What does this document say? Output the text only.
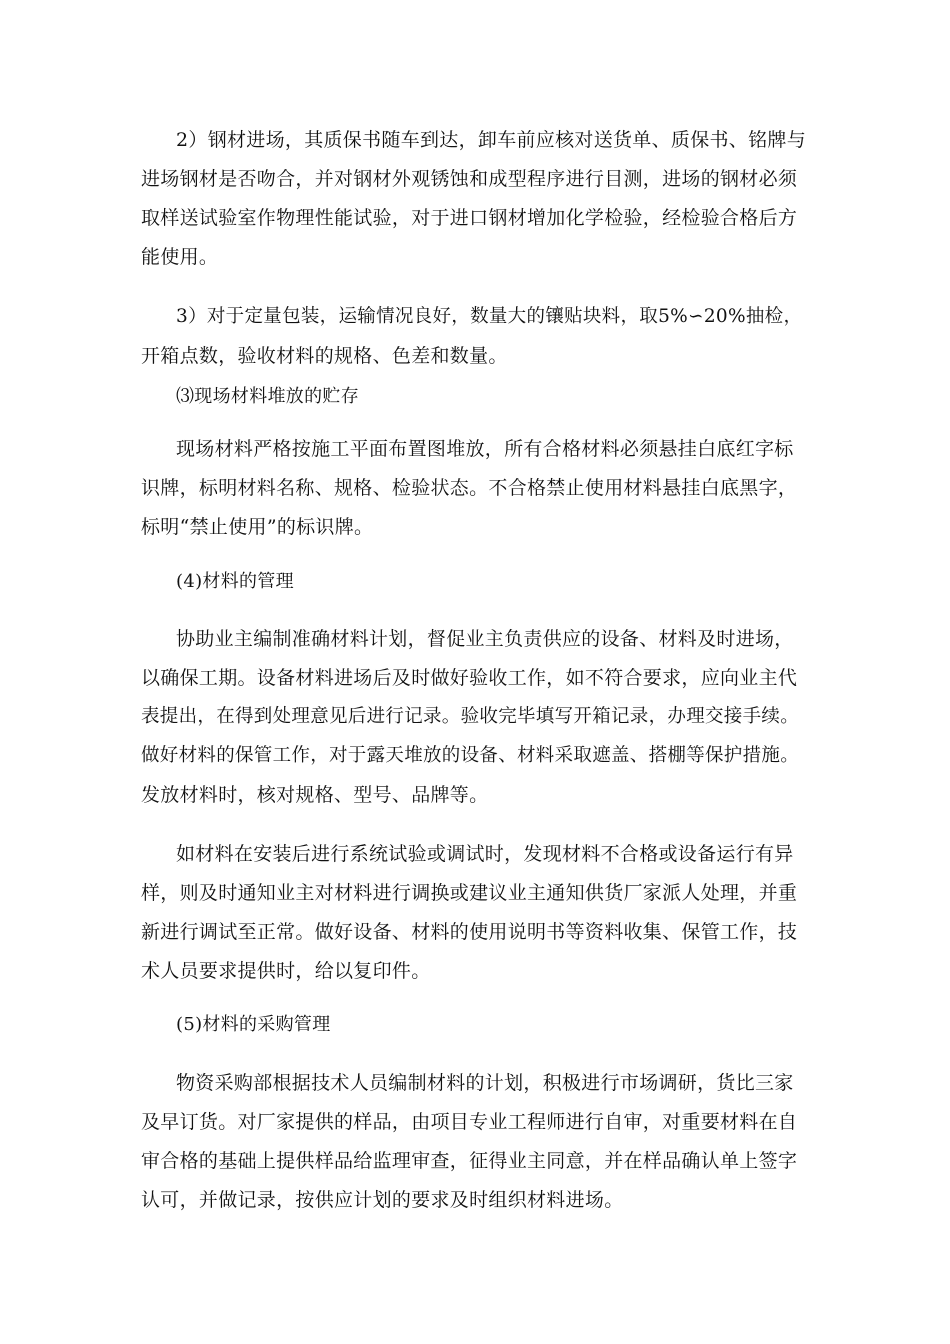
2）钢材进场，其质保书随车到达，卸车前应核对送货单、质保书、铭牌与
进场钢材是否吻合，并对钢材外观锈蚀和成型程序进行目测，进场的钢材必须
取样送试验室作物理性能试验，对于进口钢材增加化学检验，经检验合格后方
能使用。
3）对于定量包装，运输情况良好，数量大的镶贴块料，取5%∽20%抽检，
开箱点数，验收材料的规格、色差和数量。
⑶现场材料堆放的贮存
现场材料严格按施工平面布置图堆放，所有合格材料必须悬挂白底红字标
识牌，标明材料名称、规格、检验状态。不合格禁止使用材料悬挂白底黑字，
标明“禁止使用”的标识牌。
(4)材料的管理
协助业主编制准确材料计划，督促业主负责供应的设备、材料及时进场，
以确保工期。设备材料进场后及时做好验收工作，如不符合要求，应向业主代
表提出，在得到处理意见后进行记录。验收完毕填写开箱记录，办理交接手续。
做好材料的保管工作，对于露天堆放的设备、材料采取遮盖、搭棚等保护措施。
发放材料时，核对规格、型号、品牌等。
如材料在安装后进行系统试验或调试时，发现材料不合格或设备运行有异
样，则及时通知业主对材料进行调换或建议业主通知供货厂家派人处理，并重
新进行调试至正常。做好设备、材料的使用说明书等资料收集、保管工作，技
术人员要求提供时，给以复印件。
(5)材料的采购管理
物资采购部根据技术人员编制材料的计划，积极进行市场调研，货比三家
及早订货。对厂家提供的样品，由项目专业工程师进行自审，对重要材料在自
审合格的基础上提供样品给监理审查，征得业主同意，并在样品确认单上签字
认可，并做记录，按供应计划的要求及时组织材料进场。
